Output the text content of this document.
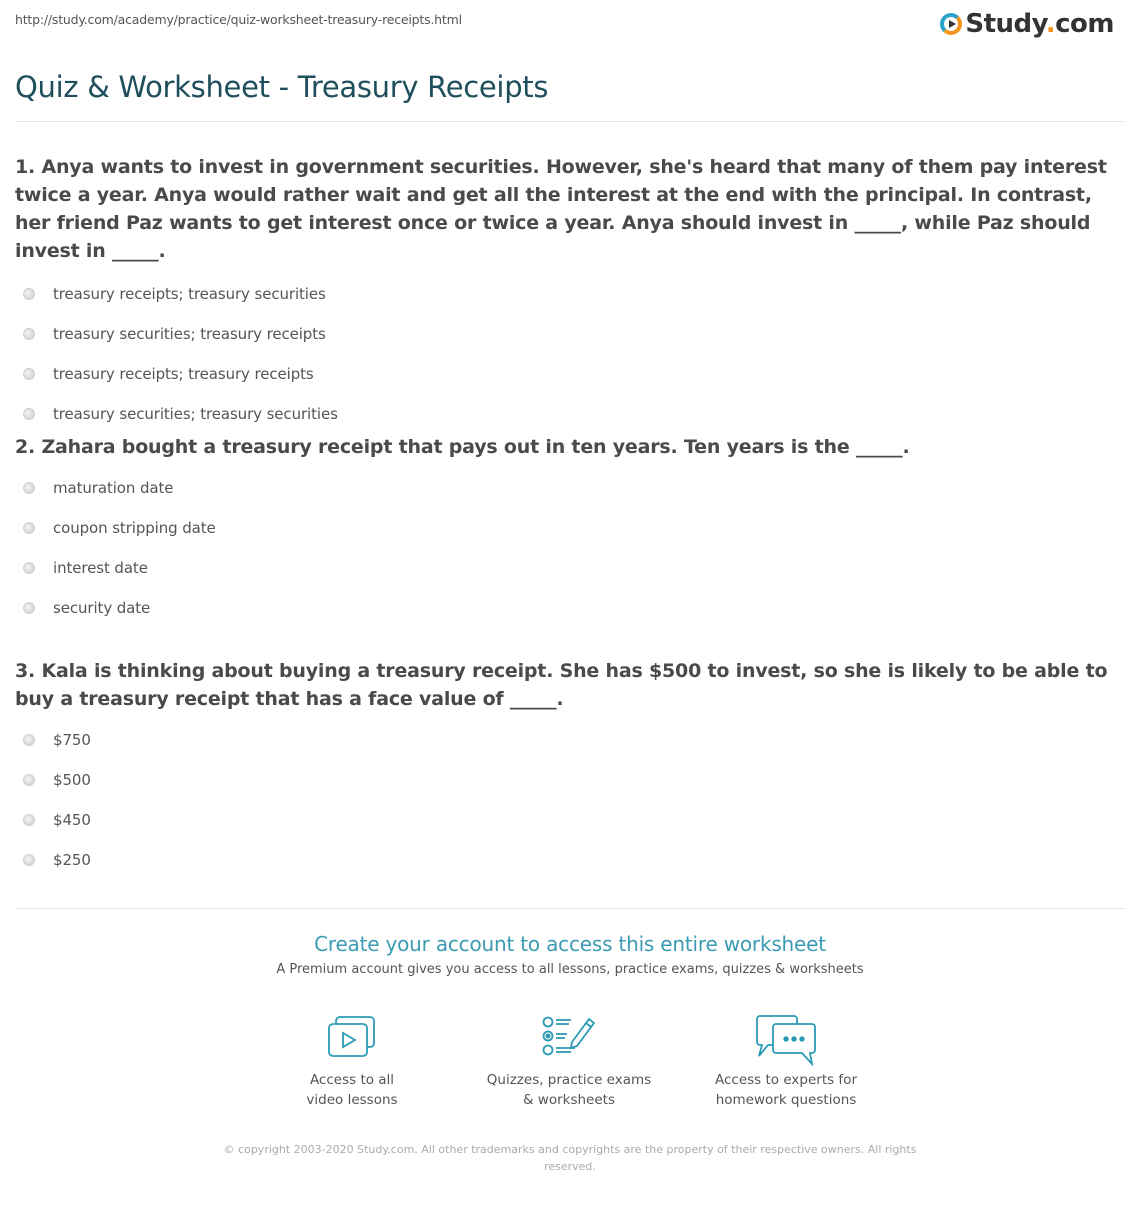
http://study.com/academy/practice/quiz-worksheet-treasury-receipts.html	Study.com
Quiz & Worksheet - Treasury Receipts
1. Anya wants to invest in government securities. However, she's heard that many of them pay interest twice a year. Anya would rather wait and get all the interest at the end with the principal. In contrast, her friend Paz wants to get interest once or twice a year. Anya should invest in _____, while Paz should invest in _____.
treasury receipts; treasury securities
treasury securities; treasury receipts
treasury receipts; treasury receipts
treasury securities; treasury securities
2. Zahara bought a treasury receipt that pays out in ten years. Ten years is the _____.
maturation date
coupon stripping date
interest date
security date
3. Kala is thinking about buying a treasury receipt. She has $500 to invest, so she is likely to be able to buy a treasury receipt that has a face value of _____.
$750
$500
$450
$250
Create your account to access this entire worksheet
A Premium account gives you access to all lessons, practice exams, quizzes & worksheets
Access to all
video lessons
Quizzes, practice exams
& worksheets
Access to experts for
homework questions
© copyright 2003-2020 Study.com. All other trademarks and copyrights are the property of their respective owners. All rights reserved.
